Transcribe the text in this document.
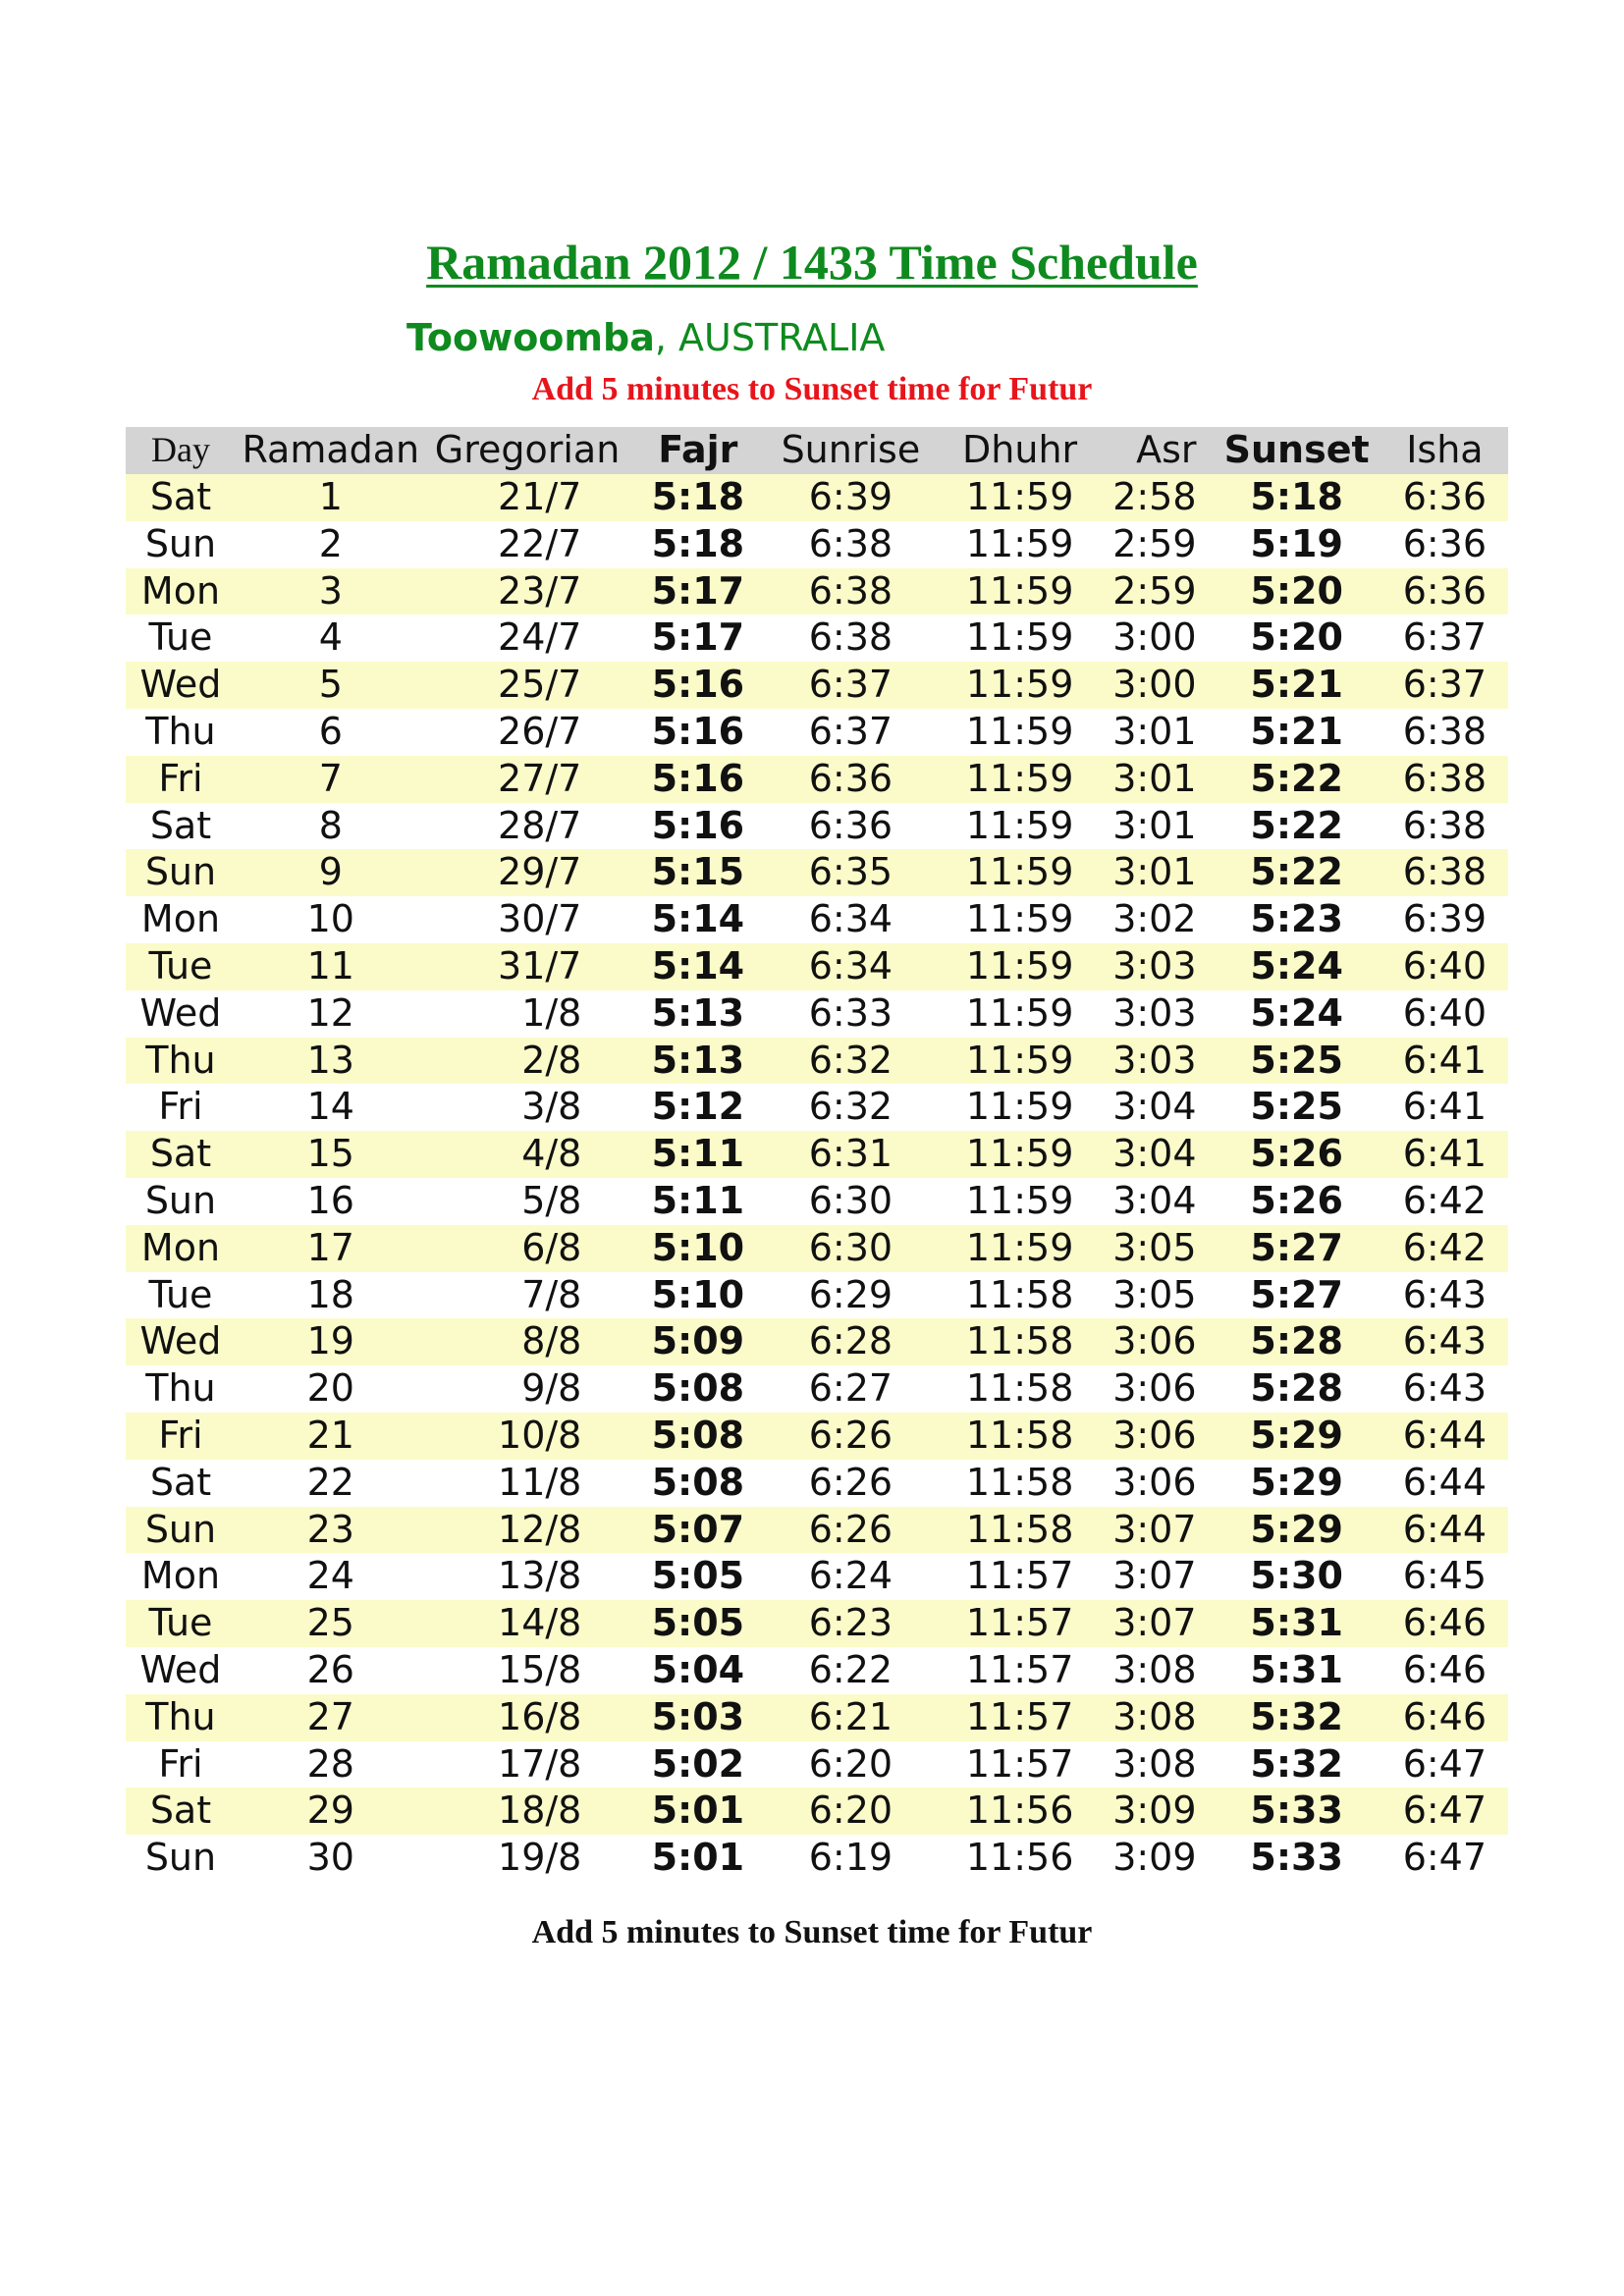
Ramadan 2012 / 1433 Time Schedule
Toowoomba, AUSTRALIA
Add 5 minutes to Sunset time for Futur
Day	Ramadan	Gregorian	Fajr	Sunrise	Dhuhr	Asr	Sunset	Isha
Sat	1	21/7	5:18	6:39	11:59	2:58	5:18	6:36
Sun	2	22/7	5:18	6:38	11:59	2:59	5:19	6:36
Mon	3	23/7	5:17	6:38	11:59	2:59	5:20	6:36
Tue	4	24/7	5:17	6:38	11:59	3:00	5:20	6:37
Wed	5	25/7	5:16	6:37	11:59	3:00	5:21	6:37
Thu	6	26/7	5:16	6:37	11:59	3:01	5:21	6:38
Fri	7	27/7	5:16	6:36	11:59	3:01	5:22	6:38
Sat	8	28/7	5:16	6:36	11:59	3:01	5:22	6:38
Sun	9	29/7	5:15	6:35	11:59	3:01	5:22	6:38
Mon	10	30/7	5:14	6:34	11:59	3:02	5:23	6:39
Tue	11	31/7	5:14	6:34	11:59	3:03	5:24	6:40
Wed	12	1/8	5:13	6:33	11:59	3:03	5:24	6:40
Thu	13	2/8	5:13	6:32	11:59	3:03	5:25	6:41
Fri	14	3/8	5:12	6:32	11:59	3:04	5:25	6:41
Sat	15	4/8	5:11	6:31	11:59	3:04	5:26	6:41
Sun	16	5/8	5:11	6:30	11:59	3:04	5:26	6:42
Mon	17	6/8	5:10	6:30	11:59	3:05	5:27	6:42
Tue	18	7/8	5:10	6:29	11:58	3:05	5:27	6:43
Wed	19	8/8	5:09	6:28	11:58	3:06	5:28	6:43
Thu	20	9/8	5:08	6:27	11:58	3:06	5:28	6:43
Fri	21	10/8	5:08	6:26	11:58	3:06	5:29	6:44
Sat	22	11/8	5:08	6:26	11:58	3:06	5:29	6:44
Sun	23	12/8	5:07	6:26	11:58	3:07	5:29	6:44
Mon	24	13/8	5:05	6:24	11:57	3:07	5:30	6:45
Tue	25	14/8	5:05	6:23	11:57	3:07	5:31	6:46
Wed	26	15/8	5:04	6:22	11:57	3:08	5:31	6:46
Thu	27	16/8	5:03	6:21	11:57	3:08	5:32	6:46
Fri	28	17/8	5:02	6:20	11:57	3:08	5:32	6:47
Sat	29	18/8	5:01	6:20	11:56	3:09	5:33	6:47
Sun	30	19/8	5:01	6:19	11:56	3:09	5:33	6:47
Add 5 minutes to Sunset time for Futur
